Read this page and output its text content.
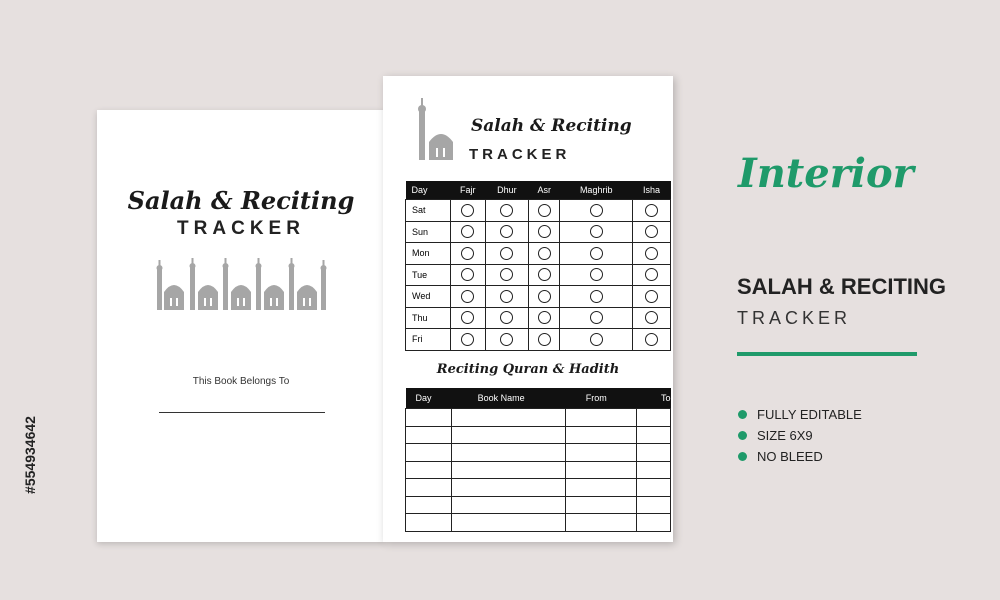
#554934642
Salah & Reciting
TRACKER
This Book Belongs To
Salah & Reciting
TRACKER
Day	Fajr	Dhur	Asr	Maghrib	Isha
Sat					
Sun					
Mon					
Tue					
Wed					
Thu					
Fri					
Reciting Quran & Hadith
Day	Book Name	From	To

Interior
SALAH & RECITING
TRACKER
FULLY EDITABLE
SIZE 6X9
NO BLEED
